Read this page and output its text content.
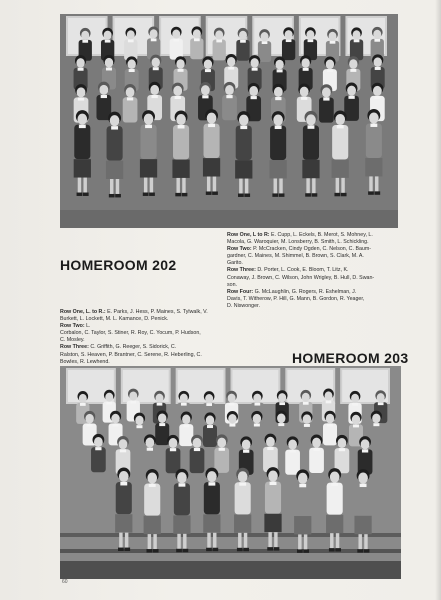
Row One, L to R: E. Cupp, L. Eckels, B. Merot, S. Mohney, L.
Macola, G. Waroquier, M. Lonsberry, B. Smith, L. Schickling.
Row Two: P. McCracken, Cindy Ogden, C. Nelson, C. Baum-
gardner, C. Maines, M. Shimmel, B. Brown, S. Clark, M. A.
Garito.
Row Three: D. Porter, L. Cook, E. Bloom, T. Litz, K.
Conaway, J. Brown, C. Wilson, John Wrigley, B. Hull, D. Swan-
son.
Row Four: G. McLaughlin, G. Rogers, R. Eshelman, J.
Davis, T. Witherow, P. Hill, G. Mann, B. Gordon, R. Yeager,
D. Niswonger.
HOMEROOM 202
Row One, L. to R.: E. Parks, J. Hess, P. Maines, S. Tylwalk, V.
Burkett, L. Lockett, M. L. Kamance, D. Penick.
Row Two: L.
Corbalon, C. Taylor, S. Stiner, R. Roy, C. Yocum, P. Hudson,
C. Mosley.
Row Three: C. Griffith, G. Reeger, S. Sidorick, C.
Ralston, S. Heaven, P. Brantner, C. Serene, R. Heberling, C.
Bowles, R. Lewhend.	HOMEROOM 203
60
